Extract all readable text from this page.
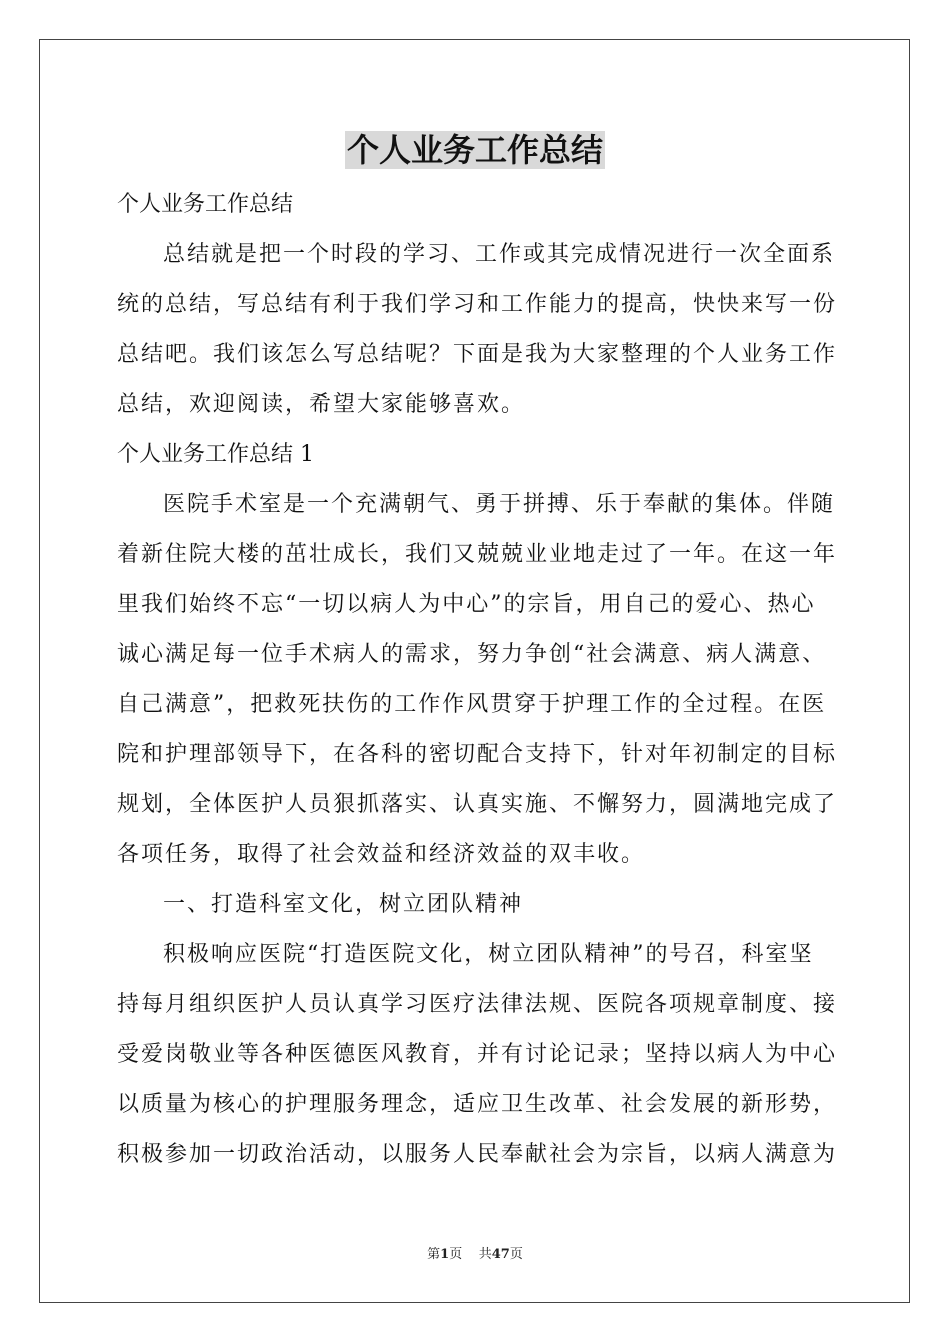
个人业务工作总结

个人业务工作总结

总结就是把一个时段的学习、工作或其完成情况进行一次全面系

统的总结，写总结有利于我们学习和工作能力的提高，快快来写一份

总结吧。我们该怎么写总结呢？下面是我为大家整理的个人业务工作

总结，欢迎阅读，希望大家能够喜欢。

个人业务工作总结 1

医院手术室是一个充满朝气、勇于拼搏、乐于奉献的集体。伴随

着新住院大楼的茁壮成长，我们又兢兢业业地走过了一年。在这一年

里我们始终不忘“一切以病人为中心”的宗旨，用自己的爱心、热心

诚心满足每一位手术病人的需求，努力争创“社会满意、病人满意、

自己满意”，把救死扶伤的工作作风贯穿于护理工作的全过程。在医

院和护理部领导下，在各科的密切配合支持下，针对年初制定的目标

规划，全体医护人员狠抓落实、认真实施、不懈努力，圆满地完成了

各项任务，取得了社会效益和经济效益的双丰收。

一、打造科室文化，树立团队精神

积极响应医院“打造医院文化，树立团队精神”的号召，科室坚

持每月组织医护人员认真学习医疗法律法规、医院各项规章制度、接

受爱岗敬业等各种医德医风教育，并有讨论记录；坚持以病人为中心

以质量为核心的护理服务理念，适应卫生改革、社会发展的新形势，

积极参加一切政治活动，以服务人民奉献社会为宗旨，以病人满意为

第1页    共47页
